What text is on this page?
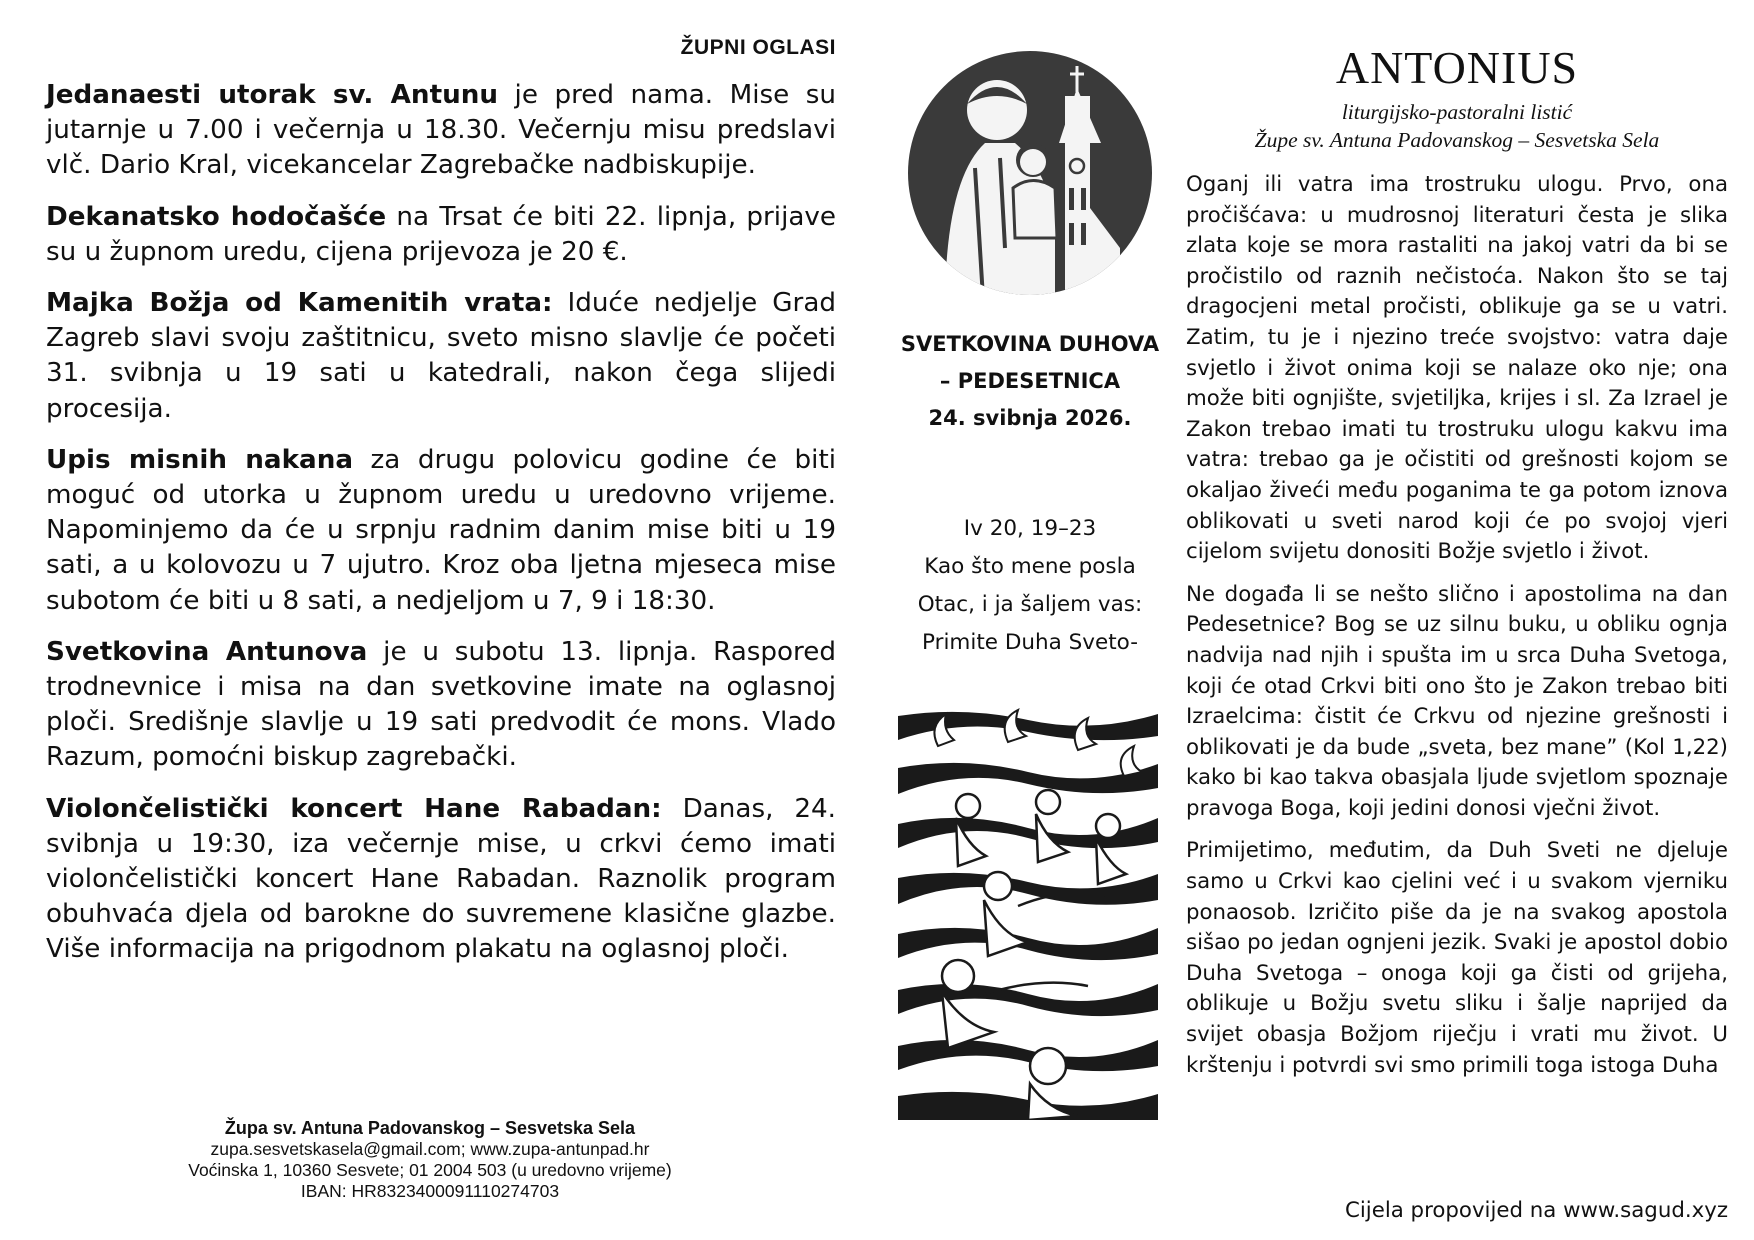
ŽUPNI OGLASI

Jedanaesti utorak sv. Antunu je pred nama. Mise su jutarnje u 7.00 i večernja u 18.30. Večernju misu predslavi vlč. Dario Kral, vicekancelar Zagrebačke nadbiskupije.

Dekanatsko hodočašće na Trsat će biti 22. lipnja, prijave su u župnom uredu, cijena prijevoza je 20 €.

Majka Božja od Kamenitih vrata: Iduće nedjelje Grad Zagreb slavi svoju zaštitnicu, sveto misno slavlje će početi 31. svibnja u 19 sati u katedrali, nakon čega slijedi procesija.

Upis misnih nakana za drugu polovicu godine će biti moguć od utorka u župnom uredu u uredovno vrijeme. Napominjemo da će u srpnju radnim danim mise biti u 19 sati, a u kolovozu u 7 ujutro. Kroz oba ljetna mjeseca mise subotom će biti u 8 sati, a nedjeljom u 7, 9 i 18:30.

Svetkovina Antunova je u subotu 13. lipnja. Raspored trodnevnice i misa na dan svetkovine imate na oglasnoj ploči. Središnje slavlje u 19 sati predvodit će mons. Vlado Razum, pomoćni biskup zagrebački.

Violončelistički koncert Hane Rabadan: Danas, 24. svibnja u 19:30, iza večernje mise, u crkvi ćemo imati violončelistički koncert Hane Rabadan. Raznolik program obuhvaća djela od barokne do suvremene klasične glazbe. Više informacija na prigodnom plakatu na oglasnoj ploči.

Župa sv. Antuna Padovanskog – Sesvetska Sela
zupa.sesvetskasela@gmail.com; www.zupa-antunpad.hr
Voćinska 1, 10360 Sesvete; 01 2004 503 (u uredovno vrijeme)
IBAN: HR8323400091110274703
SVETKOVINA DUHOVA
– PEDESETNICA
24. svibnja 2026.
Iv 20, 19–23
Kao što mene posla
Otac, i ja šaljem vas:
Primite Duha Sveto-
ANTONIUS
liturgijsko-pastoralni listić
Župe sv. Antuna Padovanskog – Sesvetska Sela

Oganj ili vatra ima trostruku ulogu. Prvo, ona pročišćava: u mudrosnoj literaturi česta je slika zlata koje se mora rastaliti na jakoj vatri da bi se pročistilo od raznih nečistoća. Nakon što se taj dragocjeni metal pročisti, oblikuje ga se u vatri. Zatim, tu je i njezino treće svojstvo: vatra daje svjetlo i život onima koji se nalaze oko nje; ona može biti ognjište, svjetiljka, krijes i sl. Za Izrael je Zakon trebao imati tu trostruku ulogu kakvu ima vatra: trebao ga je očistiti od grešnosti kojom se okaljao živeći među poganima te ga potom iznova oblikovati u sveti narod koji će po svojoj vjeri cijelom svijetu donositi Božje svjetlo i život.

Ne događa li se nešto slično i apostolima na dan Pedesetnice? Bog se uz silnu buku, u obliku ognja nadvija nad njih i spušta im u srca Duha Svetoga, koji će otad Crkvi biti ono što je Zakon trebao biti Izraelcima: čistit će Crkvu od njezine grešnosti i oblikovati je da bude „sveta, bez mane” (Kol 1,22) kako bi kao takva obasjala ljude svjetlom spoznaje pravoga Boga, koji jedini donosi vječni život.

Primijetimo, međutim, da Duh Sveti ne djeluje samo u Crkvi kao cjelini već i u svakom vjerniku ponaosob. Izričito piše da je na svakog apostola sišao po jedan ognjeni jezik. Svaki je apostol dobio Duha Svetoga – onoga koji ga čisti od grijeha, oblikuje u Božju svetu sliku i šalje naprijed da svijet obasja Božjom riječju i vrati mu život. U krštenju i potvrdi svi smo primili toga istoga Duha

Cijela propovijed na www.sagud.xyz
